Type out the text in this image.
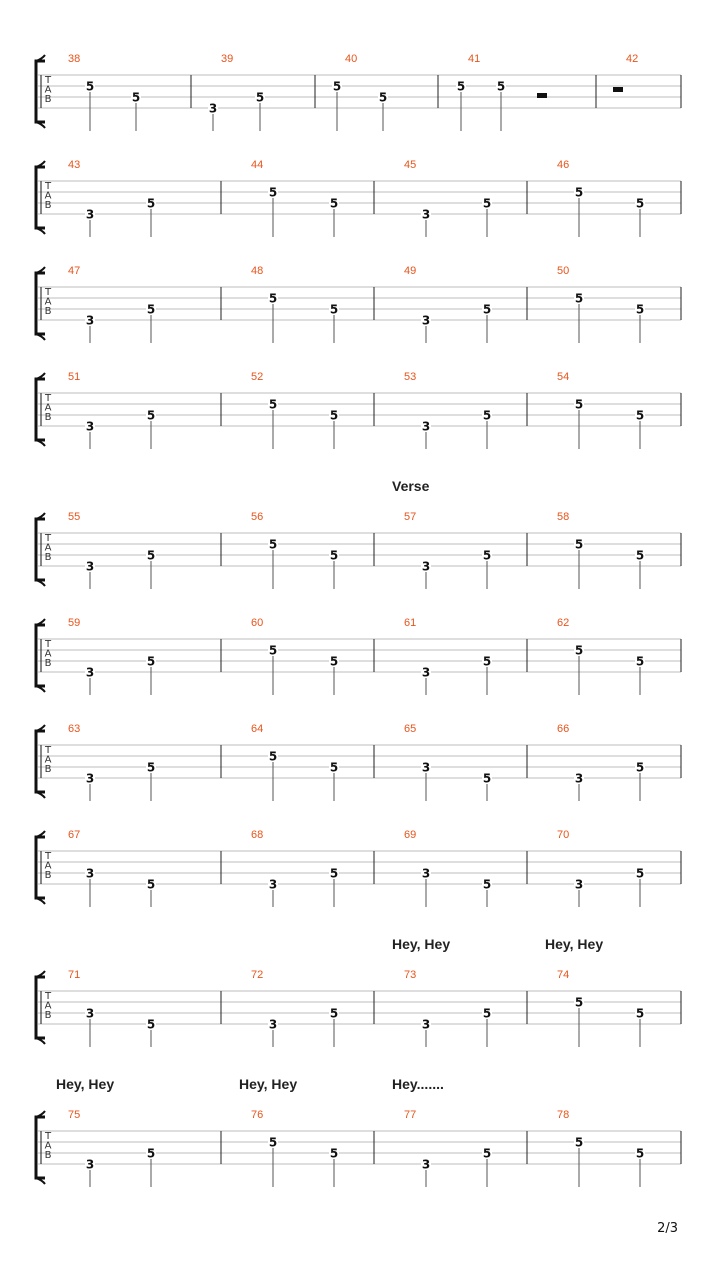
T
A
B
38
5
5
39
3
5
40
5
5
41
5	5
42
T
A
B
43
3
5
44
5
5
45
3
5
46
5
5
T
A
B
47
3
5
48
5
5
49
3
5
50
5
5
T
A
B
51
3
5
52
5
5
53
3
5
54
5
5
T
A
B
Verse
55
3
5
56
5
5
57
3
5
58
5
5
T
A
B
59
3
5
60
5
5
61
3
5
62
5
5
T
A
B
63
3
5
64
5
5
65
3
5
66
3
5
T
A
B
67
3
5
68
3
5
69
3
5
70
3
5
T
A
B
Hey, Hey	Hey, Hey
71
3
5
72
3
5
73
3
5
74
5
5
T
A
B
Hey, Hey	Hey, Hey	Hey.......
75
3
5
76
5
5
77
3
5
78
5
5
2/3
